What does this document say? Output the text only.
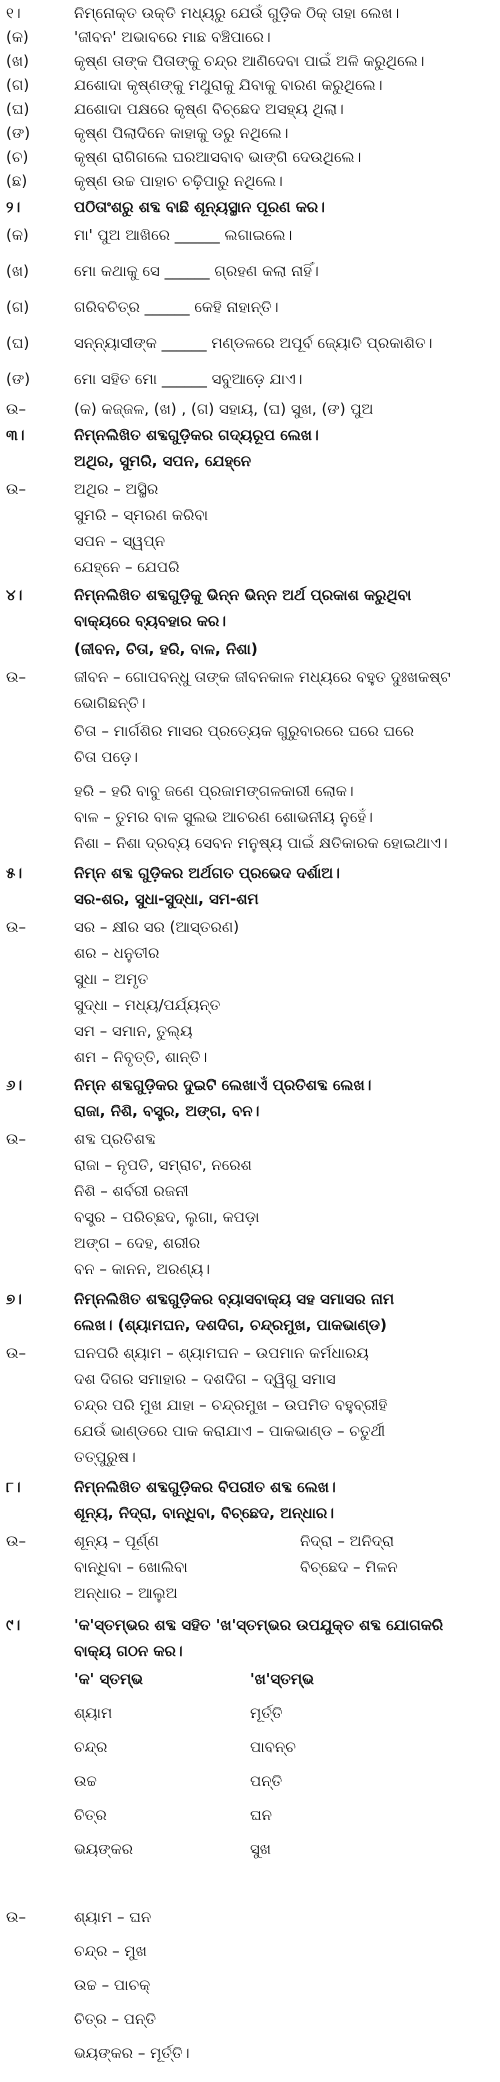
୧।	ନିମ୍ନୋକ୍ତ ଉକ୍ତି ମଧ୍ୟରୁ ଯେଉଁ ଗୁଡ଼ିକ ଠିକ୍ ତାହା ଲେଖ।
(କ)	'ଜୀବନ' ଅଭାବରେ ମାଛ ବଞ୍ଚିପାରେ।
(ଖ)	କୃଷ୍ଣ ତାଙ୍କ ପିତାଙ୍କୁ ଚନ୍ଦ୍ର ଆଣିଦେବା ପାଇଁ ଅଳି କରୁଥିଲେ।
(ଗ)	ଯଶୋଦା କୃଷ୍ଣଙ୍କୁ ମଥୁରାକୁ ଯିବାକୁ ବାରଣ କରୁଥିଲେ।
(ଘ)	ଯଶୋଦା ପକ୍ଷରେ କୃଷ୍ଣ ବିଚ୍ଛେଦ ଅସହ୍ୟ ଥିଲା।
(ଙ)	କୃଷ୍ଣ ପିଲାଦିନେ କାହାକୁ ଡରୁ ନଥିଲେ।
(ଚ)	କୃଷ୍ଣ ରାଗିଗଲେ ଘରଆସବାବ ଭାଙ୍ଗି ଦେଉଥିଲେ।
(ଛ)	କୃଷ୍ଣ ଉଚ୍ଚ ପାହାଚ ଚଢ଼ିପାରୁ ନଥିଲେ।
୨।	ପଠିତାଂଶରୁ ଶବ୍ଦ ବାଛି ଶୂନ୍ୟସ୍ଥାନ ପୂରଣ କର।
(କ)	ମା' ପୁଅ ଆଖିରେ ______ ଲଗାଇଲେ।
(ଖ)	ମୋ କଥାକୁ ସେ ______ ଗ୍ରହଣ କଲା ନାହିଁ।
(ଗ)	ଗରିବଚିତ୍ର ______ କେହି ନାହାନ୍ତି।
(ଘ)	ସନ୍ନ୍ୟାସୀଙ୍କ ______ ମଣ୍ଡଳରେ ଅପୂର୍ବ ଜ୍ୟୋତି ପ୍ରକାଶିତ।
(ଙ)	ମୋ ସହିତ ମୋ ______ ସବୁଆଡ଼େ ଯାଏ।
ଉ–	(କ) କଜ୍ଜଳ, (ଖ) , (ଗ) ସହାୟ, (ଘ) ସୁଖ, (ଙ) ପୁଅ
୩।	ନିମ୍ନଲିଖିତ ଶବ୍ଦଗୁଡ଼ିକର ଗଦ୍ୟରୂପ ଲେଖ।
ଅଥିର, ସୁମରି, ସପନ, ଯେହ୍ନେ
ଉ–	ଅଥିର – ଅସ୍ଥିର
ସୁମରି – ସ୍ମରଣ କରିବା
ସପନ – ସ୍ୱପ୍ନ
ଯେହ୍ନେ – ଯେପରି
୪।	ନିମ୍ନଲିଖିତ ଶବ୍ଦଗୁଡ଼ିକୁ ଭିନ୍ନ ଭିନ୍ନ ଅର୍ଥ ପ୍ରକାଶ କରୁଥିବା
ବାକ୍ୟରେ ବ୍ୟବହାର କର।
(ଜୀବନ, ଚିତା, ହରି, ବାଳ, ନିଶା)
ଉ–	ଜୀବନ – ଗୋପବନ୍ଧୁ ତାଙ୍କ ଜୀବନକାଳ ମଧ୍ୟରେ ବହୁତ ଦୁଃଖକଷ୍ଟ
ଭୋଗିଛନ୍ତି।
ଚିତା – ମାର୍ଗଶିର ମାସର ପ୍ରତ୍ୟେକ ଗୁରୁବାରରେ ଘରେ ଘରେ
ଚିତା ପଡ଼େ।
ହରି – ହରି ବାବୁ ଜଣେ ପ୍ରଜାମଙ୍ଗଳକାରୀ ଲୋକ।
ବାଳ – ତୁମର ବାଳ ସୁଲଭ ଆଚରଣ ଶୋଭନୀୟ ନୁହେଁ।
ନିଶା – ନିଶା ଦ୍ରବ୍ୟ ସେବନ ମନୁଷ୍ୟ ପାଇଁ କ୍ଷତିକାରକ ହୋଇଥାଏ।
୫।	ନିମ୍ନ ଶବ୍ଦ ଗୁଡ଼ିକର ଅର୍ଥଗତ ପ୍ରଭେଦ ଦର୍ଶାଅ।
ସର-ଶର, ସୁଧା-ସୁଦ୍ଧା, ସମ-ଶମ
ଉ–	ସର – କ୍ଷୀର ସର (ଆସ୍ତରଣ)
ଶର – ଧନୁତୀର
ସୁଧା – ଅମୃତ
ସୁଦ୍ଧା – ମଧ୍ୟ/ପର୍ଯ୍ୟନ୍ତ
ସମ – ସମାନ, ତୁଲ୍ୟ
ଶମ – ନିବୃତ୍ତି, ଶାନ୍ତି।
୬।	ନିମ୍ନ ଶବ୍ଦଗୁଡ଼ିକର ଦୁଇଟି ଲେଖାଏଁ ପ୍ରତିଶବ୍ଦ ଲେଖ।
ରାଜା, ନିଶି, ବସ୍ତ୍ର, ଅଙ୍ଗ, ବନ।
ଉ–	ଶବ୍ଦ ପ୍ରତିଶବ୍ଦ
ରାଜା – ନୃପତି, ସମ୍ରାଟ, ନରେଶ
ନିଶି – ଶର୍ବରୀ ରଜନୀ
ବସ୍ତ୍ର – ପରିଚ୍ଛଦ, ଲୁଗା, କପଡ଼ା
ଅଙ୍ଗ – ଦେହ, ଶରୀର
ବନ – କାନନ, ଅରଣ୍ୟ।
୭।	ନିମ୍ନଲିଖିତ ଶବ୍ଦଗୁଡ଼ିକର ବ୍ୟାସବାକ୍ୟ ସହ ସମାସର ନାମ
ଲେଖ। (ଶ୍ୟାମଘନ, ଦଶଦିଗ, ଚନ୍ଦ୍ରମୁଖ, ପାକଭାଣ୍ଡ)
ଉ–	ଘନପରି ଶ୍ୟାମ – ଶ୍ୟାମଘନ – ଉପମାନ କର୍ମଧାରୟ
ଦଶ ଦିଗର ସମାହାର – ଦଶଦିଗ – ଦ୍ୱିଗୁ ସମାସ
ଚନ୍ଦ୍ର ପରି ମୁଖ ଯାହା – ଚନ୍ଦ୍ରମୁଖ – ଉପମିତ ବହୁବ୍ରୀହି
ଯେଉଁ ଭାଣ୍ଡରେ ପାକ କରାଯାଏ – ପାକଭାଣ୍ଡ – ଚତୁର୍ଥୀ
ତତ୍ପୁରୁଷ।
୮।	ନିମ୍ନଲିଖିତ ଶବ୍ଦଗୁଡ଼ିକର ବିପରୀତ ଶବ୍ଦ ଲେଖ।
ଶୂନ୍ୟ, ନିଦ୍ରା, ବାନ୍ଧିବା, ବିଚ୍ଛେଦ, ଅନ୍ଧାର।
୯।	'କ'ସ୍ତମ୍ଭର ଶବ୍ଦ ସହିତ 'ଖ'ସ୍ତମ୍ଭର ଉପଯୁକ୍ତ ଶବ୍ଦ ଯୋଗକରି
ବାକ୍ୟ ଗଠନ କର।
ଉ–	ଶୂନ୍ୟ – ପୂର୍ଣ୍ଣ	ନିଦ୍ରା – ଅନିଦ୍ରା
ବାନ୍ଧିବା – ଖୋଲିବା	ବିଚ୍ଛେଦ – ମିଳନ
ଅନ୍ଧାର – ଆଲୁଅ
'କ' ସ୍ତମ୍ଭ	'ଖ'ସ୍ତମ୍ଭ
ଶ୍ୟାମ	ମୂର୍ତ୍ତି
ଚନ୍ଦ୍ର	ପାବନ୍ଚ
ଉଚ୍ଚ	ପନ୍ତି
ଚିତ୍ର	ଘନ
ଭୟଙ୍କର	ସୁଖ
ଉ–	ଶ୍ୟାମ – ଘନ
ଚନ୍ଦ୍ର – ମୁଖ
ଉଚ୍ଚ – ପାଚକ୍
ଚିତ୍ର – ପନ୍ତି
ଭୟଙ୍କର – ମୂର୍ତ୍ତି।
